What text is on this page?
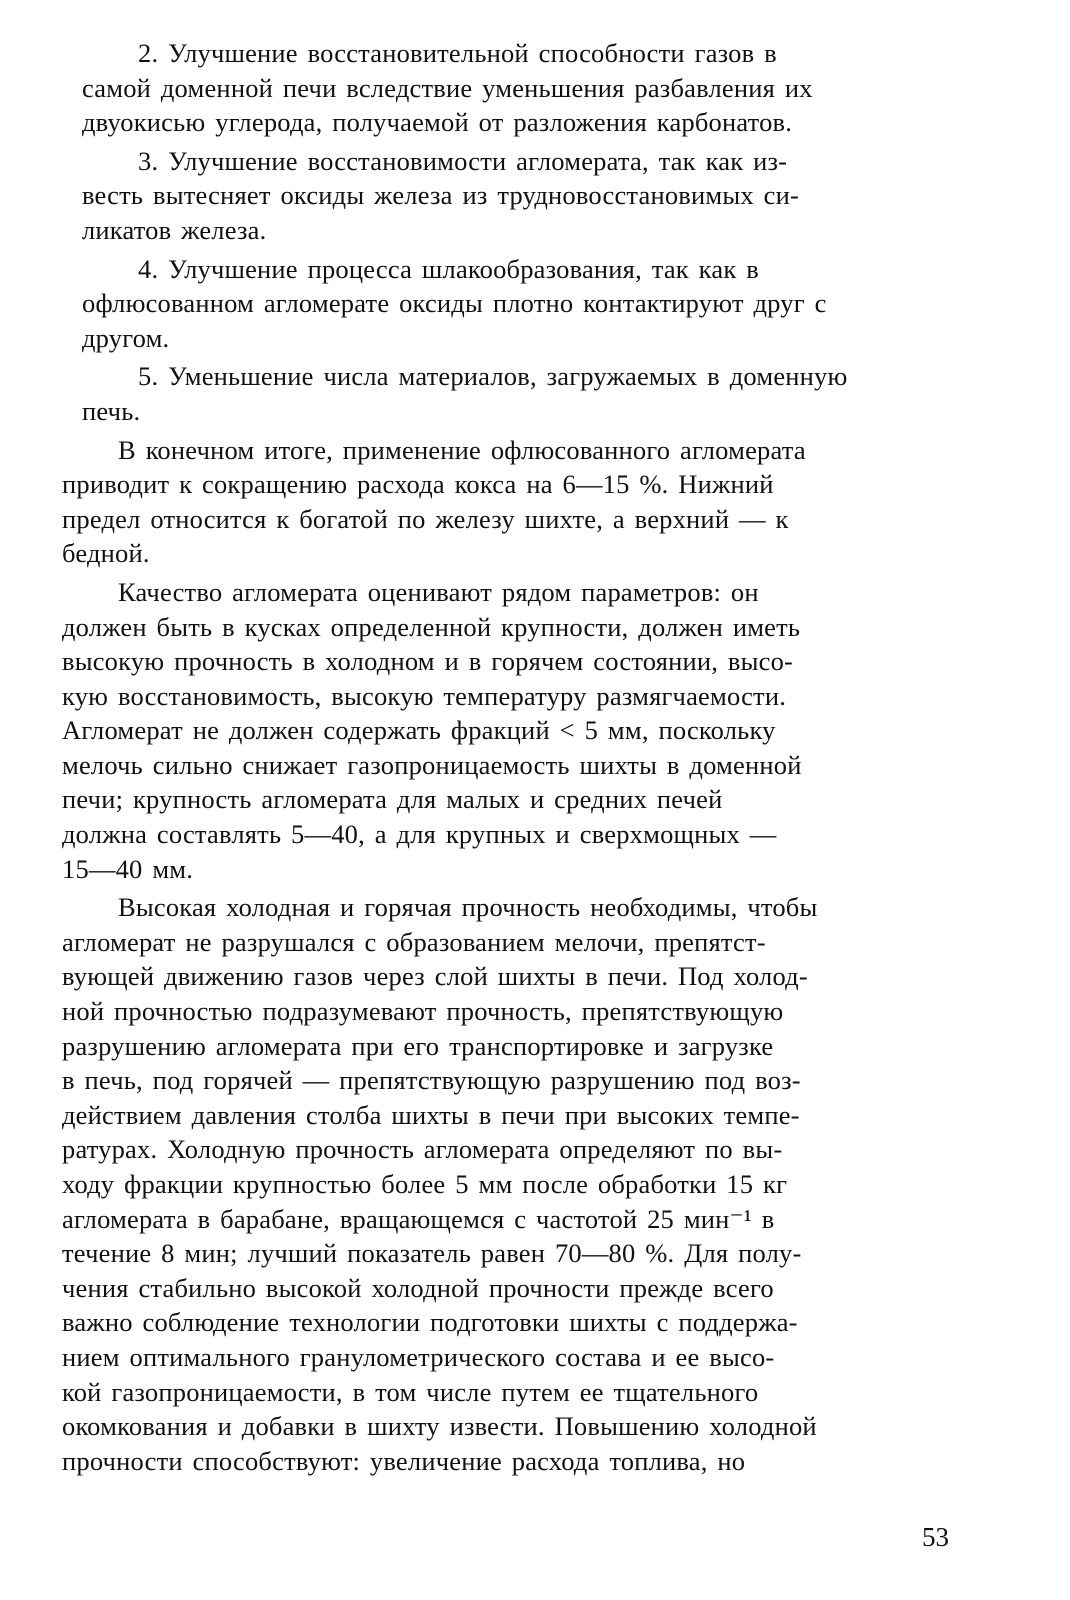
2. Улучшение восстановительной способности газов в
самой доменной печи вследствие уменьшения разбавления их
двуокисью углерода, получаемой от разложения карбонатов.

3. Улучшение восстановимости агломерата, так как из-
весть вытесняет оксиды железа из трудновосстановимых си-
ликатов железа.

4. Улучшение процесса шлакообразования, так как в
офлюсованном агломерате оксиды плотно контактируют друг с
другом.

5. Уменьшение числа материалов, загружаемых в доменную
печь.

В конечном итоге, применение офлюсованного агломерата
приводит к сокращению расхода кокса на 6—15 %. Нижний
предел относится к богатой по железу шихте, а верхний — к
бедной.

Качество агломерата оценивают рядом параметров: он
должен быть в кусках определенной крупности, должен иметь
высокую прочность в холодном и в горячем состоянии, высо-
кую восстановимость, высокую температуру размягчаемости.
Агломерат не должен содержать фракций < 5 мм, поскольку
мелочь сильно снижает газопроницаемость шихты в доменной
печи; крупность агломерата для малых и средних печей
должна составлять 5—40, а для крупных и сверхмощных —
15—40 мм.

Высокая холодная и горячая прочность необходимы, чтобы
агломерат не разрушался с образованием мелочи, препятст-
вующей движению газов через слой шихты в печи. Под холод-
ной прочностью подразумевают прочность, препятствующую
разрушению агломерата при его транспортировке и загрузке
в печь, под горячей — препятствующую разрушению под воз-
действием давления столба шихты в печи при высоких темпе-
ратурах. Холодную прочность агломерата определяют по вы-
ходу фракции крупностью более 5 мм после обработки 15 кг
агломерата в барабане, вращающемся с частотой 25 мин⁻¹ в
течение 8 мин; лучший показатель равен 70—80 %. Для полу-
чения стабильно высокой холодной прочности прежде всего
важно соблюдение технологии подготовки шихты с поддержа-
нием оптимального гранулометрического состава и ее высо-
кой газопроницаемости, в том числе путем ее тщательного
окомкования и добавки в шихту извести. Повышению холодной
прочности способствуют: увеличение расхода топлива, но

53
